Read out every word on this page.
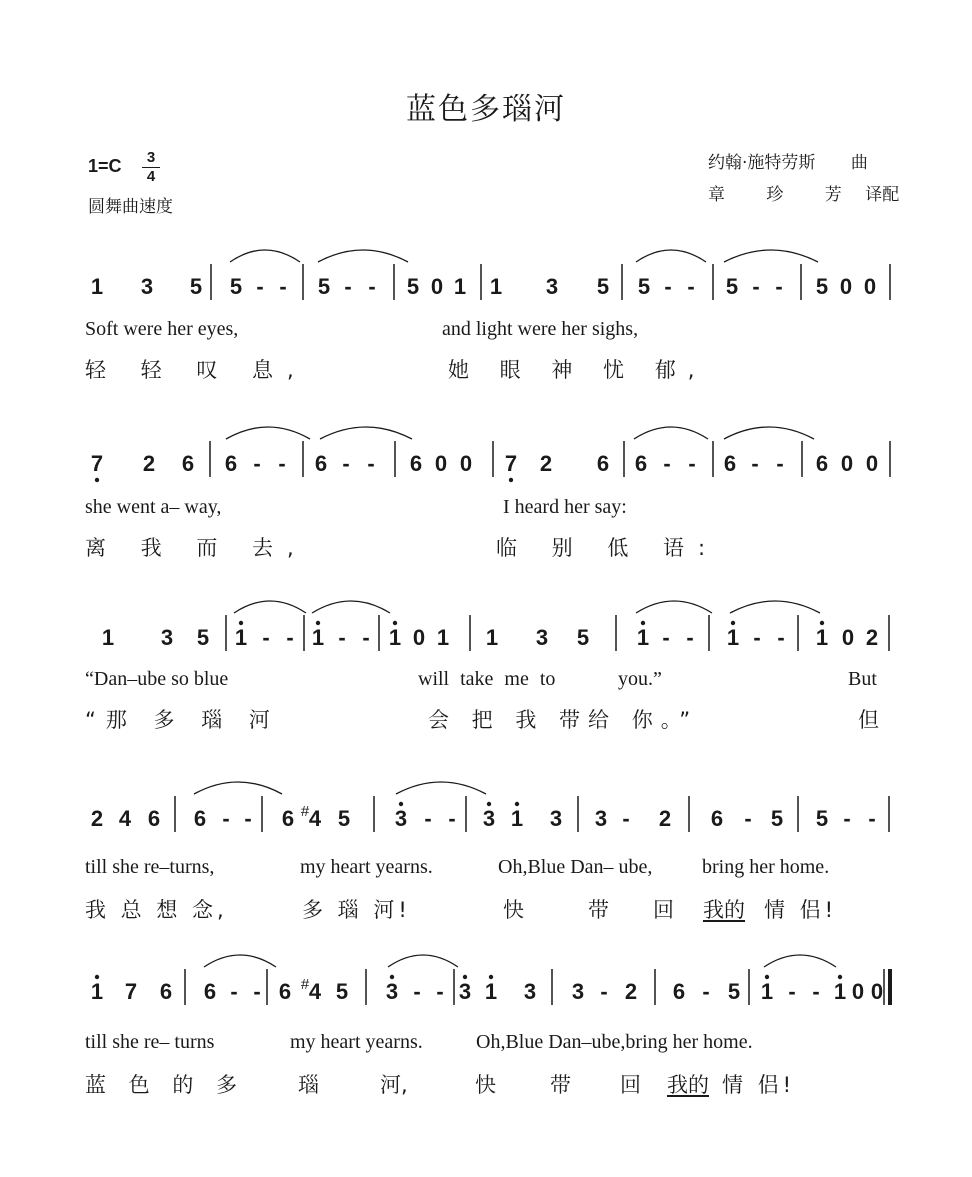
蓝色多瑙河
1=C	3
4
圆舞曲速度
约翰·施特劳斯 曲
章 珍 芳 译配
1 3 5 5 - - 5 - - 5 0 1 1 3 5 5 - - 5 - - 5 0 0
7 2 6 6 - - 6 - - 6 0 0 7 2 6 6 - - 6 - - 6 0 0
1 3 5 1 - - 1 - - 1 0 1 1 3 5 1 - - 1 - - 1 0 2
2 4 6 6 - - 6 4
# 5 3 - - 3 1 3 3 - 2 6 - 5 5 - -
1 7 6 6 - - 6 4
# 5 3 - - 3 1 3 3 - 2 6 - 5 1 - - 1 0 0
Soft were her eyes,	and light were her sighs,
轻 轻 叹 息,	她 眼 神 忧 郁,
she went a– way,	I heard her say:
离 我 而 去,	临 别 低 语:
“Dan–ube so blue	will take me to	you.”	But
“那 多 瑙 河	会 把 我 带给 你。”	但
till she re–turns,	my heart yearns.	Oh,Blue Dan– ube, bring her home.
我 总 想 念,	多 瑙 河!	快	带 回 我的 情 侣!
till she re– turns	my heart yearns.	Oh,Blue Dan–ube,bring her home.
蓝 色 的 多	瑙	河,	快	带 回 我的 情 侣!
